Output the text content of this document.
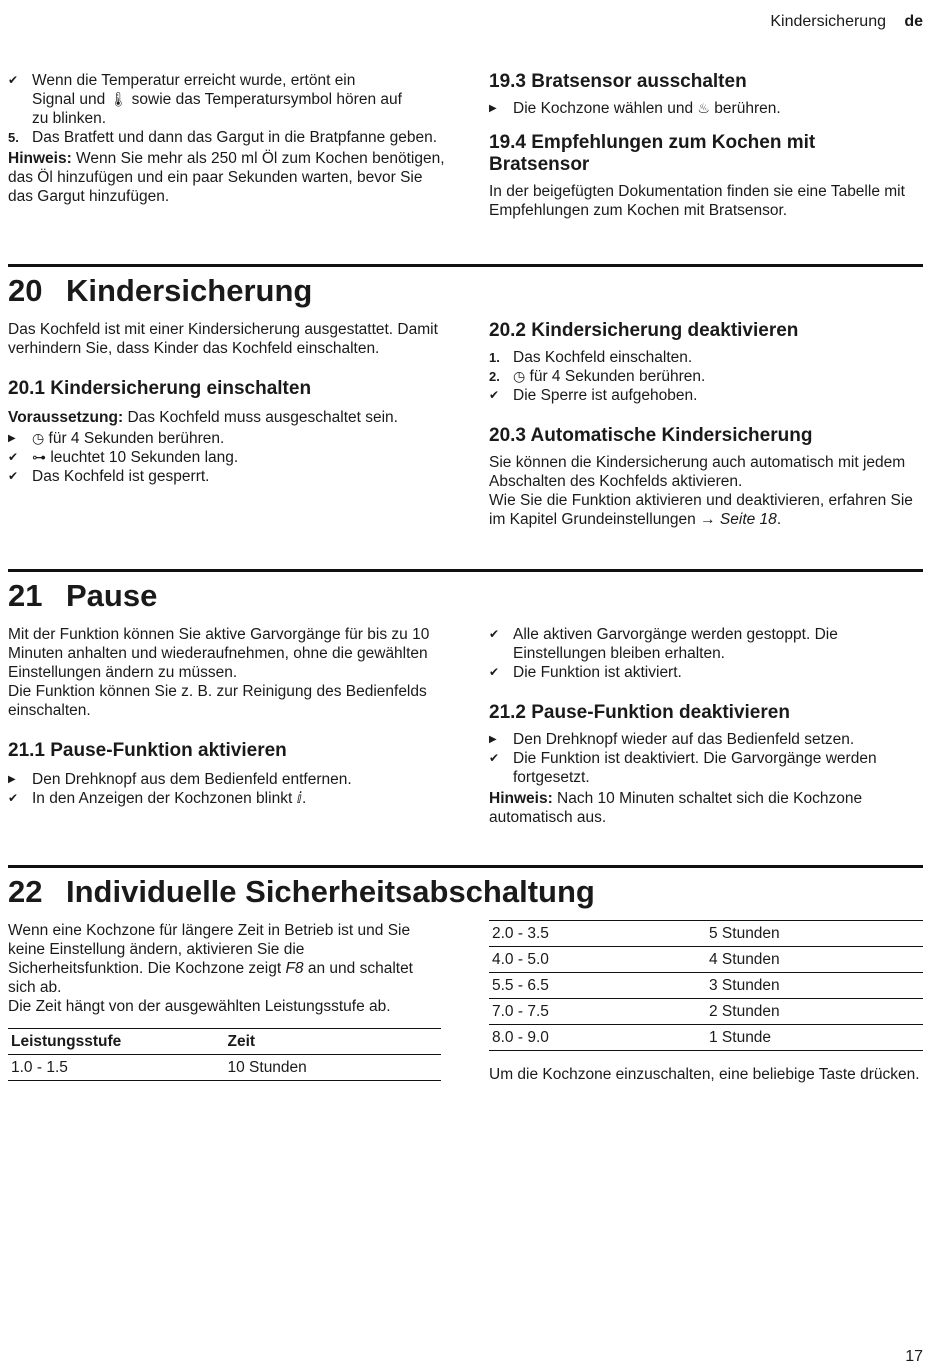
Kindersicherung de
✔ Wenn die Temperatur erreicht wurde, ertönt ein
Signal und 🌡︎ sowie das Temperatursymbol hören auf
zu blinken.
5. Das Bratfett und dann das Gargut in die Bratpfanne geben.

Hinweis: Wenn Sie mehr als 250 ml Öl zum Kochen benötigen, das Öl hinzufügen und ein paar Sekunden warten, bevor Sie das Gargut hinzufügen.

19.3 Bratsensor ausschalten
▶	Die Kochzone wählen und ♨ berühren.
19.4 Empfehlungen zum Kochen mit Bratsensor

In der beigefügten Dokumentation finden sie eine Tabelle mit Empfehlungen zum Kochen mit Bratsensor.

20 Kindersicherung

Das Kochfeld ist mit einer Kindersicherung ausgestattet. Damit verhindern Sie, dass Kinder das Kochfeld einschalten.

20.1 Kindersicherung einschalten

Voraussetzung: Das Kochfeld muss ausgeschaltet sein.

▶	◷ für 4 Sekunden berühren.
✔ ⊶ leuchtet 10 Sekunden lang.
✔ Das Kochfeld ist gesperrt.
20.2 Kindersicherung deaktivieren
1. Das Kochfeld einschalten.
2. ◷ für 4 Sekunden berühren.
✔ Die Sperre ist aufgehoben.
20.3 Automatische Kindersicherung

Sie können die Kindersicherung auch automatisch mit jedem Abschalten des Kochfelds aktivieren.

Wie Sie die Funktion aktivieren und deaktivieren, erfahren Sie im Kapitel Grundeinstellungen → Seite 18.

21 Pause

Mit der Funktion können Sie aktive Garvorgänge für bis zu 10 Minuten anhalten und wiederaufnehmen, ohne die gewählten Einstellungen ändern zu müssen.

Die Funktion können Sie z. B. zur Reinigung des Bedienfelds einschalten.

21.1 Pause-Funktion aktivieren
▶	Den Drehknopf aus dem Bedienfeld entfernen.
✔ In den Anzeigen der Kochzonen blinkt ⅈ.
✔ Alle aktiven Garvorgänge werden gestoppt. Die Einstellungen bleiben erhalten.
✔ Die Funktion ist aktiviert.
21.2 Pause-Funktion deaktivieren
▶	Den Drehknopf wieder auf das Bedienfeld setzen.
✔ Die Funktion ist deaktiviert. Die Garvorgänge werden fortgesetzt.

Hinweis: Nach 10 Minuten schaltet sich die Kochzone automatisch aus.

22 Individuelle Sicherheitsabschaltung

Wenn eine Kochzone für längere Zeit in Betrieb ist und Sie keine Einstellung ändern, aktivieren Sie die Sicherheitsfunktion. Die Kochzone zeigt F8 an und schaltet sich ab.

Die Zeit hängt von der ausgewählten Leistungsstufe ab.

Leistungsstufe	Zeit
1.0 - 1.5	10 Stunden
2.0 - 3.5	5 Stunden
4.0 - 5.0	4 Stunden
5.5 - 6.5	3 Stunden
7.0 - 7.5	2 Stunden
8.0 - 9.0	1 Stunde

Um die Kochzone einzuschalten, eine beliebige Taste drücken.

17
